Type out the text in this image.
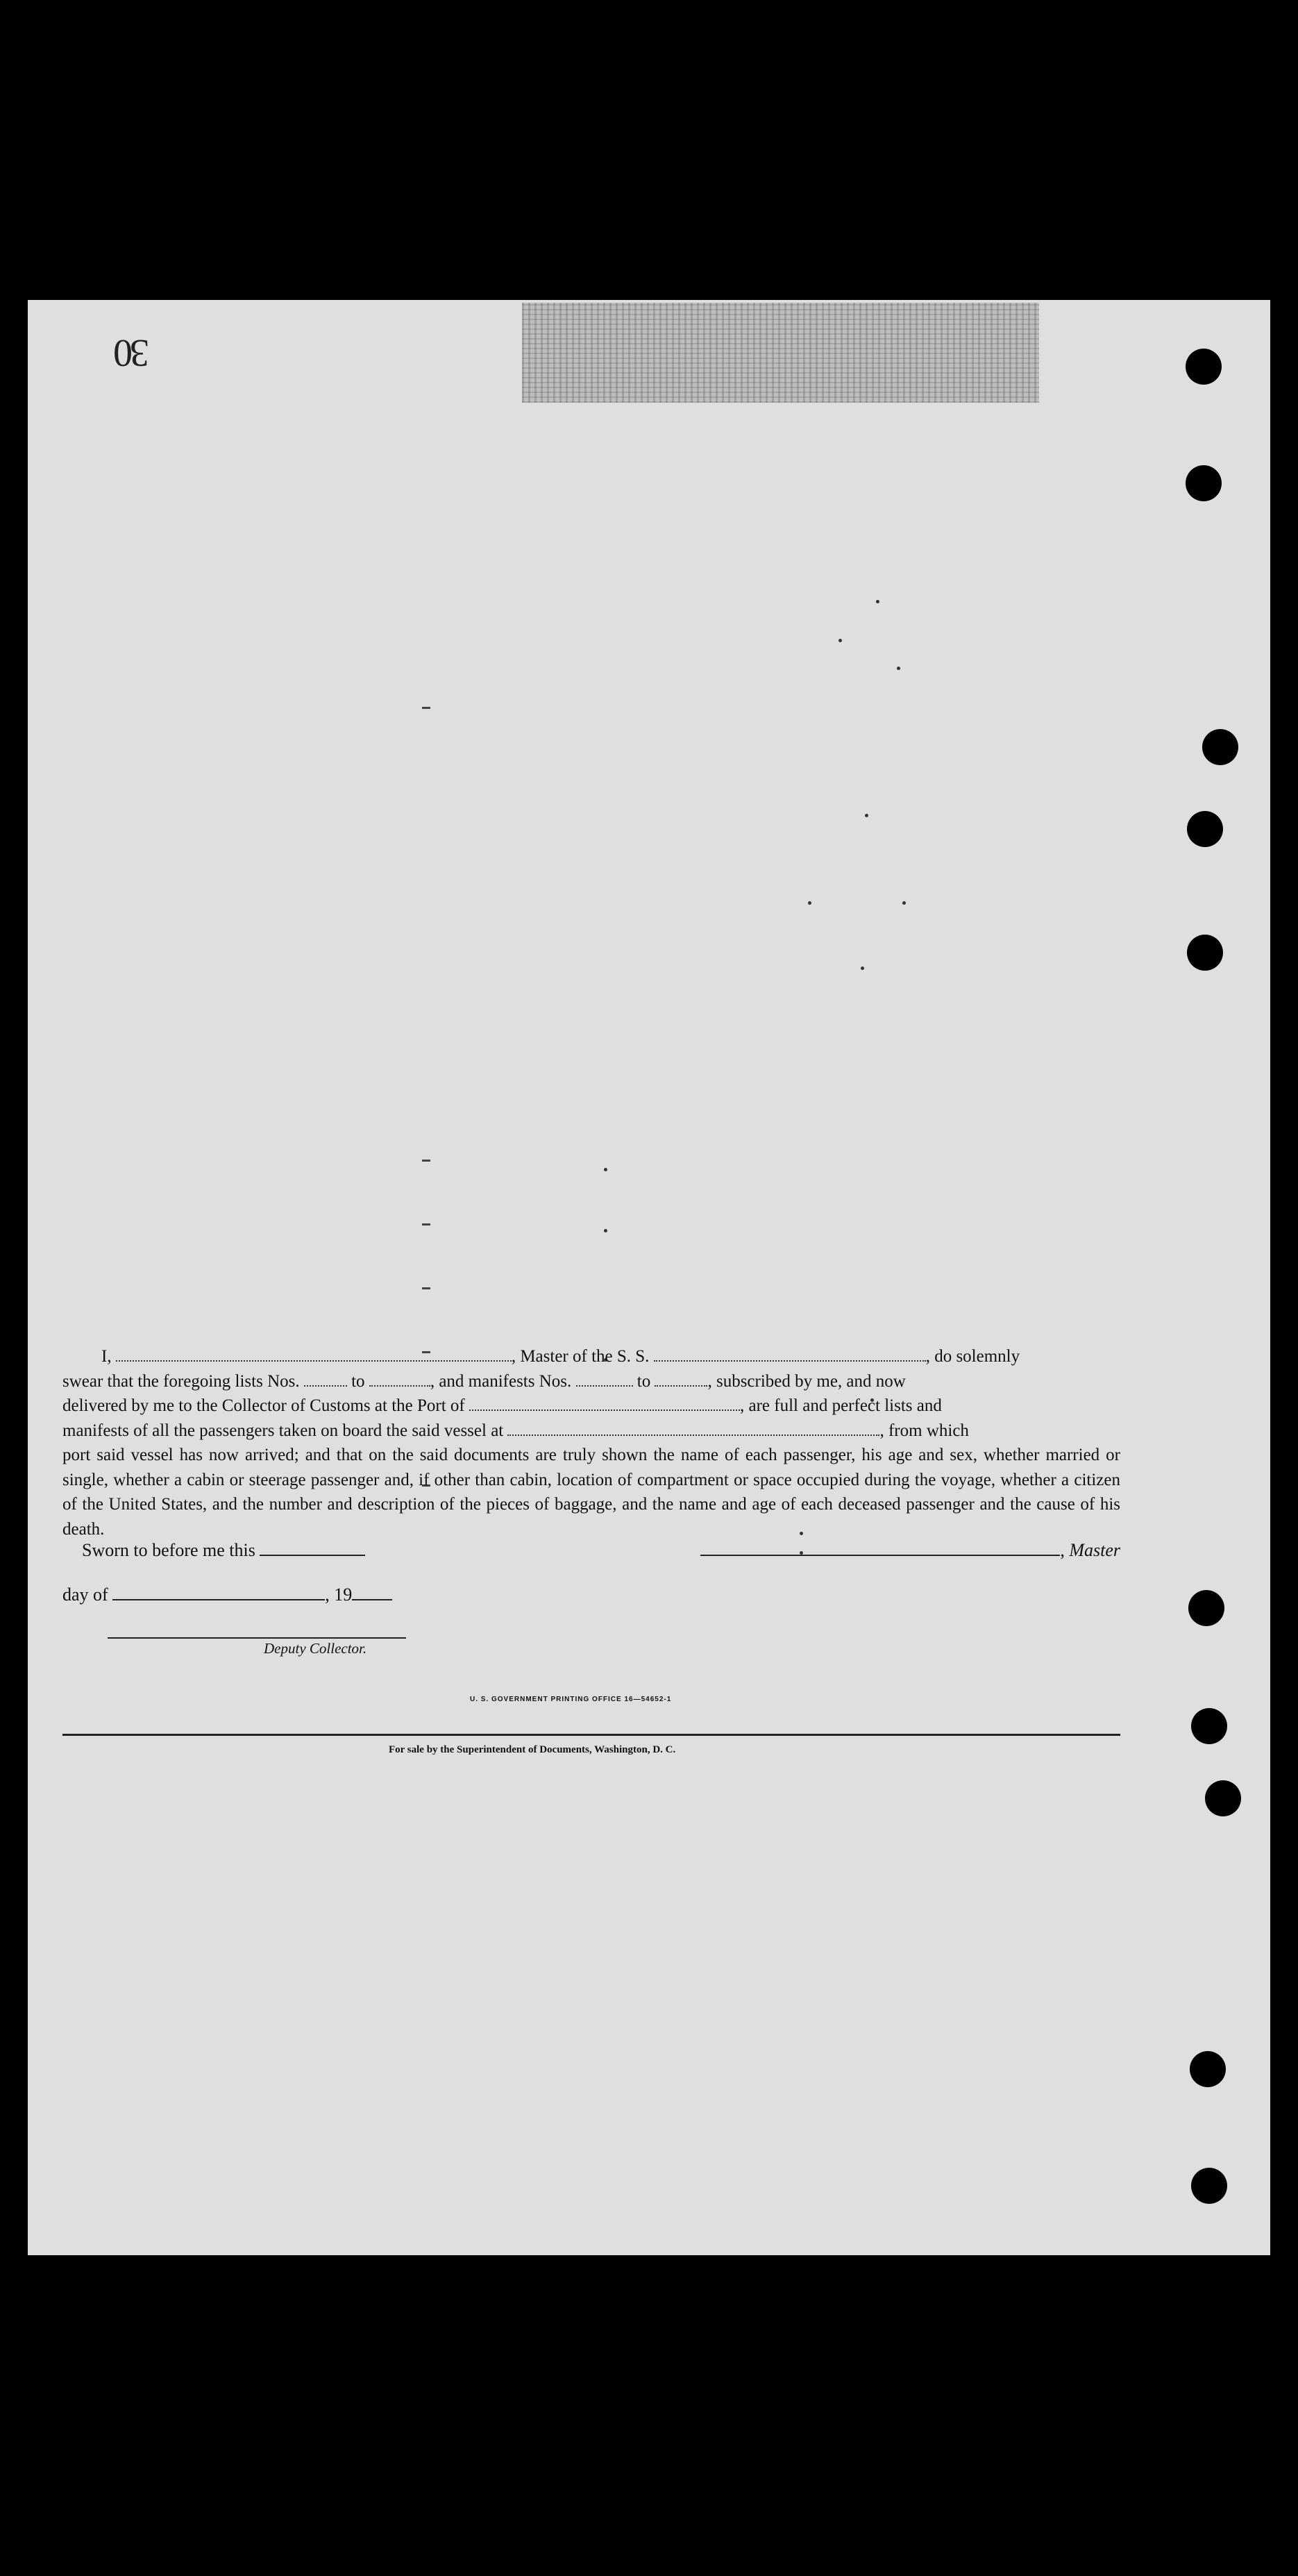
30

I,	, Master of the S. S.	, do solemnly

swear that the foregoing lists Nos.	to	, and manifests Nos.	to	, subscribed by me, and now

delivered by me to the Collector of Customs at the Port of	, are full and perfect lists and

manifests of all the passengers taken on board the said vessel at	, from which

port said vessel has now arrived; and that on the said documents are truly shown the name of each passenger, his age and sex, whether married or single, whether a cabin or steerage passenger and, if other than cabin, location of compartment or space occupied during the voyage, whether a citizen of the United States, and the number and description of the pieces of baggage, and the name and age of each deceased passenger and the cause of his death.

Sworn to before me this	, Master
day of	, 19
Deputy Collector.
U. S. GOVERNMENT PRINTING OFFICE 16—54652-1
For sale by the Superintendent of Documents, Washington, D. C.
